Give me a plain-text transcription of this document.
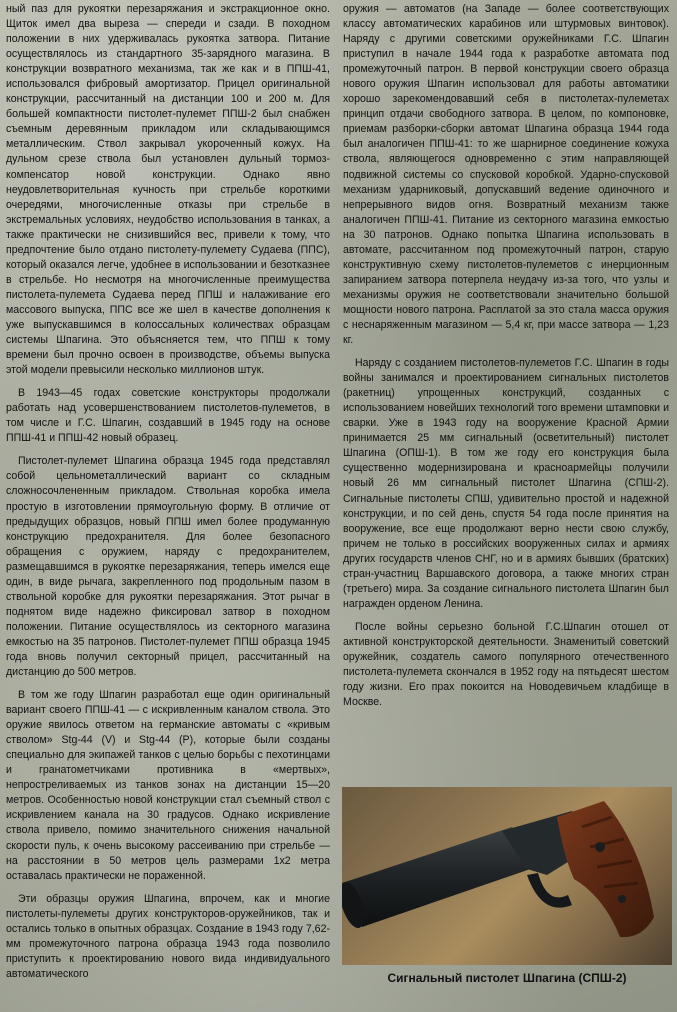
ный паз для рукоятки перезаряжания и экстракционное окно. Щиток имел два выреза — спереди и сзади. В походном положении в них удерживалась рукоятка затвора. Питание осуществлялось из стандартного 35-зарядного магазина. В конструкции возвратного механизма, так же как и в ППШ-41, использовался фибровый амортизатор. Прицел оригинальной конструкции, рассчитанный на дистанции 100 и 200 м. Для большей компактности пистолет-пулемет ППШ-2 был снабжен съемным деревянным прикладом или складывающимся металлическим. Ствол закрывал укороченный кожух. На дульном срезе ствола был установлен дульный тормоз-компенсатор новой конструкции. Однако явно неудовлетворительная кучность при стрельбе короткими очередями, многочисленные отказы при стрельбе в экстремальных условиях, неудобство использования в танках, а также практически не снизившийся вес, привели к тому, что предпочтение было отдано пистолету-пулемету Судаева (ППС), который оказался легче, удобнее в использовании и безотказнее в стрельбе. Но несмотря на многочисленные преимущества пистолета-пулемета Судаева перед ППШ и налаживание его массового выпуска, ППС все же шел в качестве дополнения к уже выпускавшимся в колоссальных количествах образцам системы Шпагина. Это объясняется тем, что ППШ к тому времени был прочно освоен в производстве, объемы выпуска этой модели превысили несколько миллионов штук.

В 1943—45 годах советские конструкторы продолжали работать над усовершенствованием пистолетов-пулеметов, в том числе и Г.С. Шпагин, создавший в 1945 году на основе ППШ-41 и ППШ-42 новый образец.

Пистолет-пулемет Шпагина образца 1945 года представлял собой цельнометаллический вариант со складным сложносочлененным прикладом. Ствольная коробка имела простую в изготовлении прямоугольную форму. В отличие от предыдущих образцов, новый ППШ имел более продуманную конструкцию предохранителя. Для более безопасного обращения с оружием, наряду с предохранителем, размещавшимся в рукоятке перезаряжания, теперь имелся еще один, в виде рычага, закрепленного под продольным пазом в ствольной коробке для рукоятки перезаряжания. Этот рычаг в поднятом виде надежно фиксировал затвор в походном положении. Питание осуществлялось из секторного магазина емкостью на 35 патронов. Пистолет-пулемет ППШ образца 1945 года вновь получил секторный прицел, рассчитанный на дистанцию до 500 метров.

В том же году Шпагин разработал еще один оригинальный вариант своего ППШ-41 — с искривленным каналом ствола. Это оружие явилось ответом на германские автоматы с «кривым стволом» Stg-44 (V) и Stg-44 (P), которые были созданы специально для экипажей танков с целью борьбы с пехотинцами и гранатометчиками противника в «мертвых», непростреливаемых из танков зонах на дистанции 15—20 метров. Особенностью новой конструкции стал съемный ствол с искривлением канала на 30 градусов. Однако искривление ствола привело, помимо значительного снижения начальной скорости пуль, к очень высокому рассеиванию при стрельбе — на расстоянии в 50 метров цель размерами 1х2 метра оставалась практически не пораженной.

Эти образцы оружия Шпагина, впрочем, как и многие пистолеты-пулеметы других конструкторов-оружейников, так и остались только в опытных образцах. Создание в 1943 году 7,62-мм промежуточного патрона образца 1943 года позволило приступить к проектированию нового вида индивидуального автоматического

оружия — автоматов (на Западе — более соответствующих классу автоматических карабинов или штурмовых винтовок). Наряду с другими советскими оружейниками Г.С. Шпагин приступил в начале 1944 года к разработке автомата под промежуточный патрон. В первой конструкции своего образца нового оружия Шпагин использовал для работы автоматики хорошо зарекомендовавший себя в пистолетах-пулеметах принцип отдачи свободного затвора. В целом, по компоновке, приемам разборки-сборки автомат Шпагина образца 1944 года был аналогичен ППШ-41: то же шарнирное соединение кожуха ствола, являющегося одновременно с этим направляющей подвижной системы со спусковой коробкой. Ударно-спусковой механизм ударниковый, допускавший ведение одиночного и непрерывного видов огня. Возвратный механизм также аналогичен ППШ-41. Питание из секторного магазина емкостью на 30 патронов. Однако попытка Шпагина использовать в автомате, рассчитанном под промежуточный патрон, старую конструктивную схему пистолетов-пулеметов с инерционным запиранием затвора потерпела неудачу из-за того, что узлы и механизмы оружия не соответствовали значительно большой мощности нового патрона. Расплатой за это стала масса оружия с неснаряженным магазином — 5,4 кг, при массе затвора — 1,23 кг.

Наряду с созданием пистолетов-пулеметов Г.С. Шпагин в годы войны занимался и проектированием сигнальных пистолетов (ракетниц) упрощенных конструкций, созданных с использованием новейших технологий того времени штамповки и сварки. Уже в 1943 году на вооружение Красной Армии принимается 25 мм сигнальный (осветительный) пистолет Шпагина (ОПШ-1). В том же году его конструкция была существенно модернизирована и красноармейцы получили новый 26 мм сигнальный пистолет Шпагина (СПШ-2). Сигнальные пистолеты СПШ, удивительно простой и надежной конструкции, и по сей день, спустя 54 года после принятия на вооружение, все еще продолжают верно нести свою службу, причем не только в российских вооруженных силах и армиях других государств членов СНГ, но и в армиях бывших (братских) стран-участниц Варшавского договора, а также многих стран (третьего) мира. За создание сигнального пистолета Шпагин был награжден орденом Ленина.

После войны серьезно больной Г.С.Шпагин отошел от активной конструкторской деятельности. Знаменитый советский оружейник, создатель самого популярного отечественного пистолета-пулемета скончался в 1952 году на пятьдесят шестом году жизни. Его прах покоится на Новодевичьем кладбище в Москве.

Сигнальный пистолет Шпагина (СПШ-2)
